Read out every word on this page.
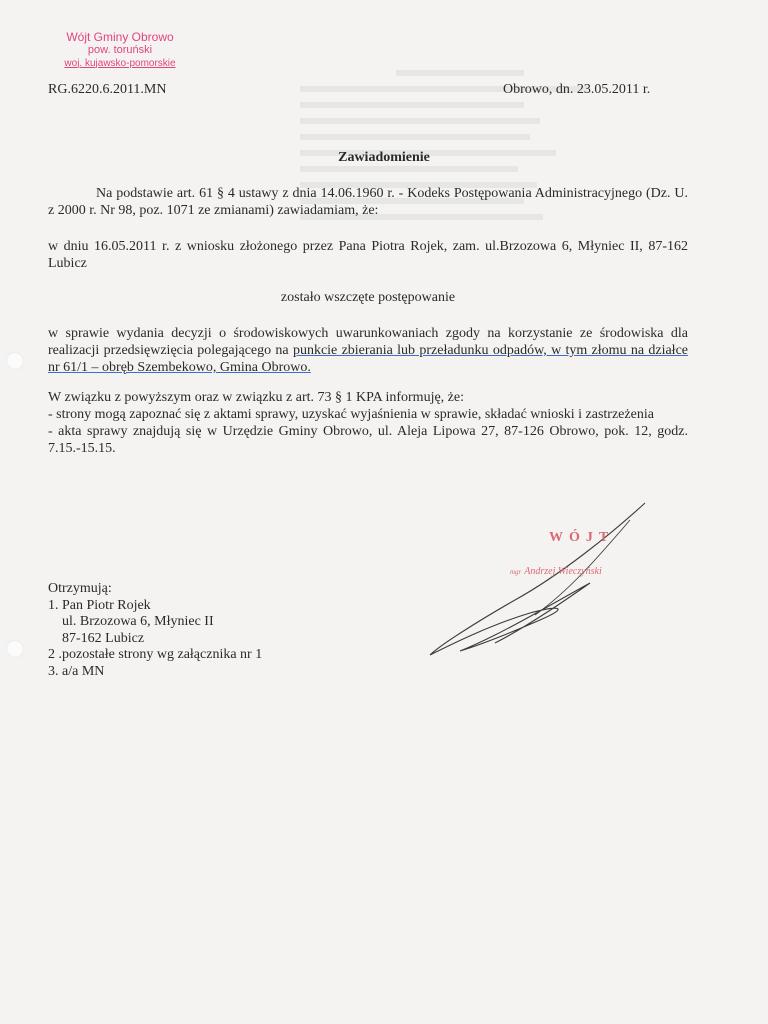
Wójt Gminy Obrowo
pow. toruński
woj. kujawsko-pomorskie
RG.6220.6.2011.MN	Obrowo, dn. 23.05.2011 r.
Zawiadomienie
Na podstawie art. 61 § 4 ustawy z dnia 14.06.1960 r. - Kodeks Postępowania Administracyjnego (Dz. U. z 2000 r. Nr 98, poz. 1071 ze zmianami) zawiadamiam, że:
w dniu 16.05.2011 r. z wniosku złożonego przez Pana Piotra Rojek, zam. ul.Brzozowa 6, Młyniec II, 87-162 Lubicz
zostało wszczęte postępowanie
w sprawie wydania decyzji o środowiskowych uwarunkowaniach zgody na korzystanie ze środowiska dla realizacji przedsięwzięcia polegającego na punkcie zbierania lub przeładunku odpadów, w tym złomu na działce nr 61/1 – obręb Szembekowo, Gmina Obrowo.
W związku z powyższym oraz w związku z art. 73 § 1 KPA informuję, że:
- strony mogą zapoznać się z aktami sprawy, uzyskać wyjaśnienia w sprawie, składać wnioski i zastrzeżenia
- akta sprawy znajdują się w Urzędzie Gminy Obrowo, ul. Aleja Lipowa 27, 87-126 Obrowo, pok. 12, godz. 7.15.-15.15.
WÓJT
mgr Andrzej Wieczyński
Otrzymują:
1. Pan Piotr Rojek
ul. Brzozowa 6, Młyniec II
87-162 Lubicz
2 .pozostałe strony wg załącznika nr 1
3. a/a MN
